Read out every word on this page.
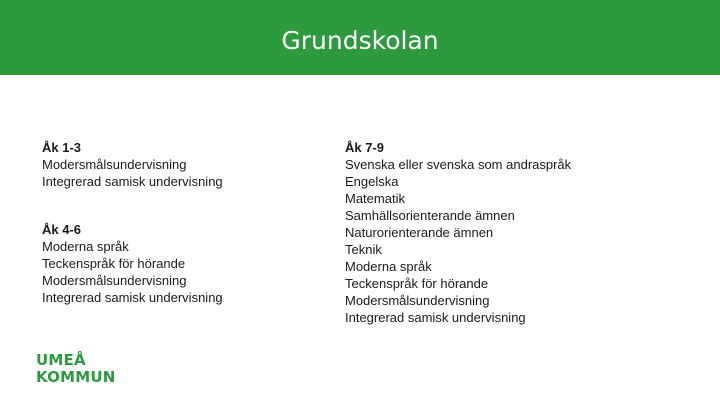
Grundskolan
Åk 1-3
Modersmålsundervisning
Integrerad samisk undervisning
Åk 4-6
Moderna språk
Teckenspråk för hörande
Modersmålsundervisning
Integrerad samisk undervisning
Åk 7-9
Svenska eller svenska som andraspråk
Engelska
Matematik
Samhällsorienterande ämnen
Naturorienterande ämnen
Teknik
Moderna språk
Teckenspråk för hörande
Modersmålsundervisning
Integrerad samisk undervisning
UMEÅ
KOMMUN
